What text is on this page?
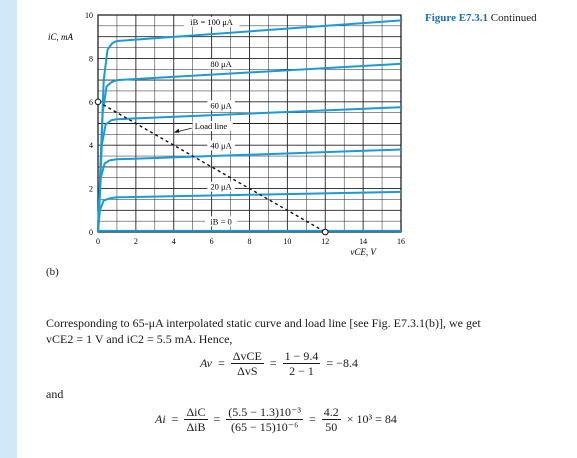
Figure E7.3.1 Continued
0	2	4	6	8	10	12	14	16
0
2
4
6
8
10
vCE, V
iC, mA
iB = 0
20 μA
40 μA
60 μA
80 μA
iB = 100 μA
Load line
(b)
Corresponding to 65-μA interpolated static curve and load line [see Fig. E7.3.1(b)], we get
vCE2 = 1 V and iC2 = 5.5 mA. Hence,
$Av = \frac{\text{ΔvCE}}{\text{ΔvS}} = \frac{1 - 9.4}{2 - 1} = -8.4$
and
$Ai = \frac{\text{ΔiC}}{\text{ΔiB}} = \frac{\text{(5.5 − 1.3)10⁻³}}{\text{(65 − 15)10⁻⁶}} = \frac{4.2}{50} \times 10^3 = 84$
